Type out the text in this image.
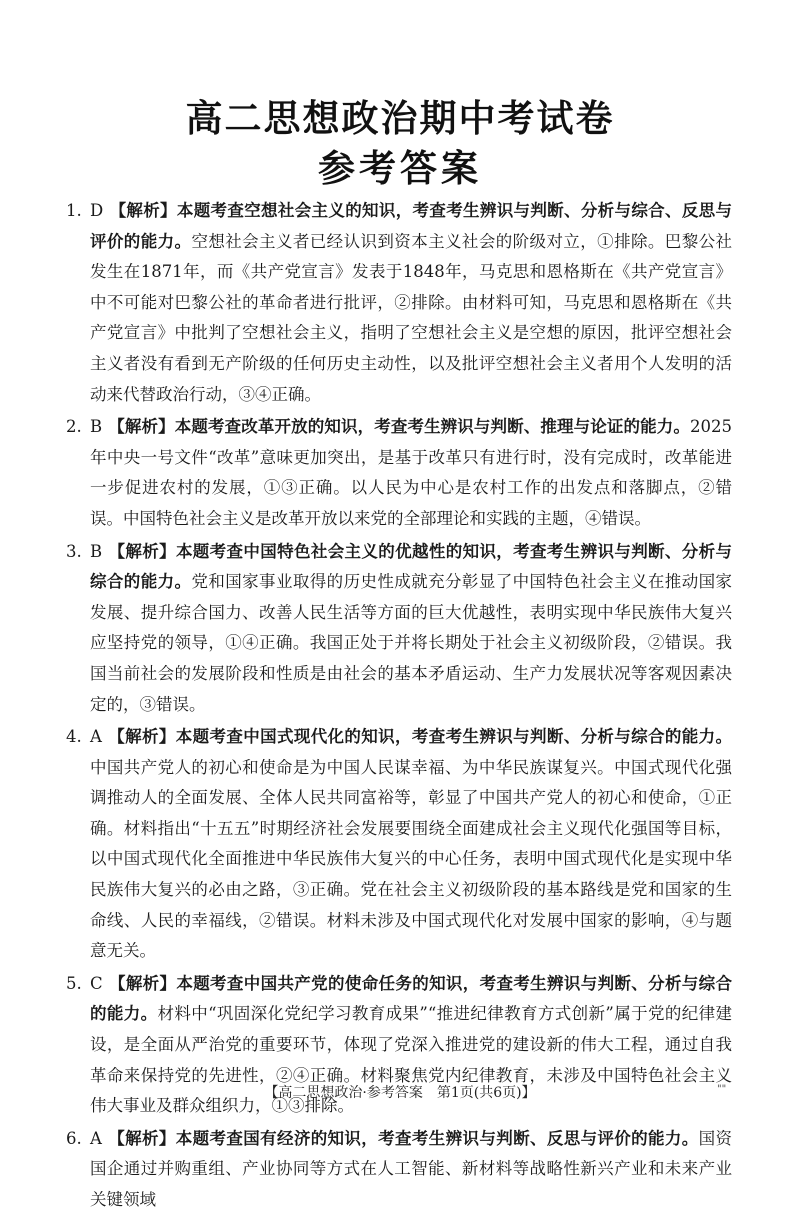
高二思想政治期中考试卷
参考答案
1. D 【解析】本题考查空想社会主义的知识，考查考生辨识与判断、分析与综合、反思与评价的能力。空想社会主义者已经认识到资本主义社会的阶级对立，①排除。巴黎公社发生在1871年，而《共产党宣言》发表于1848年，马克思和恩格斯在《共产党宣言》中不可能对巴黎公社的革命者进行批评，②排除。由材料可知，马克思和恩格斯在《共产党宣言》中批判了空想社会主义，指明了空想社会主义是空想的原因，批评空想社会主义者没有看到无产阶级的任何历史主动性，以及批评空想社会主义者用个人发明的活动来代替政治行动，③④正确。
2. B 【解析】本题考查改革开放的知识，考查考生辨识与判断、推理与论证的能力。2025年中央一号文件“改革”意味更加突出，是基于改革只有进行时，没有完成时，改革能进一步促进农村的发展，①③正确。以人民为中心是农村工作的出发点和落脚点，②错误。中国特色社会主义是改革开放以来党的全部理论和实践的主题，④错误。
3. B 【解析】本题考查中国特色社会主义的优越性的知识，考查考生辨识与判断、分析与综合的能力。党和国家事业取得的历史性成就充分彰显了中国特色社会主义在推动国家发展、提升综合国力、改善人民生活等方面的巨大优越性，表明实现中华民族伟大复兴应坚持党的领导，①④正确。我国正处于并将长期处于社会主义初级阶段，②错误。我国当前社会的发展阶段和性质是由社会的基本矛盾运动、生产力发展状况等客观因素决定的，③错误。
4. A 【解析】本题考查中国式现代化的知识，考查考生辨识与判断、分析与综合的能力。中国共产党人的初心和使命是为中国人民谋幸福、为中华民族谋复兴。中国式现代化强调推动人的全面发展、全体人民共同富裕等，彰显了中国共产党人的初心和使命，①正确。材料指出“十五五”时期经济社会发展要围绕全面建成社会主义现代化强国等目标，以中国式现代化全面推进中华民族伟大复兴的中心任务，表明中国式现代化是实现中华民族伟大复兴的必由之路，③正确。党在社会主义初级阶段的基本路线是党和国家的生命线、人民的幸福线，②错误。材料未涉及中国式现代化对发展中国家的影响，④与题意无关。
5. C 【解析】本题考查中国共产党的使命任务的知识，考查考生辨识与判断、分析与综合的能力。材料中“巩固深化党纪学习教育成果”“推进纪律教育方式创新”属于党的纪律建设，是全面从严治党的重要环节，体现了党深入推进党的建设新的伟大工程，通过自我革命来保持党的先进性，②④正确。材料聚焦党内纪律教育，未涉及中国特色社会主义伟大事业及群众组织力，①③排除。
6. A 【解析】本题考查国有经济的知识，考查考生辨识与判断、反思与评价的能力。国资国企通过并购重组、产业协同等方式在人工智能、新材料等战略性新兴产业和未来产业关键领域
【高二思想政治·参考答案　第1页(共6页)】	""
